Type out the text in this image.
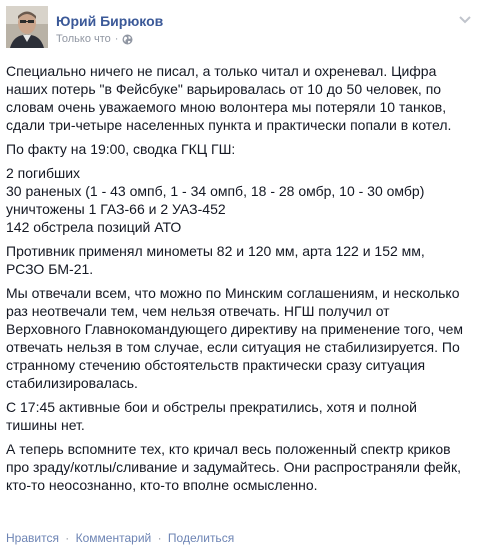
Юрий Бирюков
Только что ·

Специально ничего не писал, а только читал и охреневал. Цифра наших потерь "в Фейсбуке" варьировалась от 10 до 50 человек, по словам очень уважаемого мною волонтера мы потеряли 10 танков, сдали три-четыре населенных пункта и практически попали в котел.

По факту на 19:00, сводка ГКЦ ГШ:

2 погибших
30 раненых (1 - 43 омпб, 1 - 34 омпб, 18 - 28 омбр, 10 - 30 омбр)
уничтожены 1 ГАЗ-66 и 2 УАЗ-452
142 обстрела позиций АТО

Противник применял минометы 82 и 120 мм, арта 122 и 152 мм, РСЗО БМ-21.

Мы отвечали всем, что можно по Минским соглашениям, и несколько раз неотвечали тем, чем нельзя отвечать. НГШ получил от Верховного Главнокомандующего директиву на применение того, чем отвечать нельзя в том случае, если ситуация не стабилизируется. По странному стечению обстоятельств практически сразу ситуация стабилизировалась.

С 17:45 активные бои и обстрелы прекратились, хотя и полной тишины нет.

А теперь вспомните тех, кто кричал весь положенный спектр криков про зраду/котлы/сливание и задумайтесь. Они распространяли фейк, кто-то неосознанно, кто-то вполне осмысленно.

Нравится · Комментарий · Поделиться
